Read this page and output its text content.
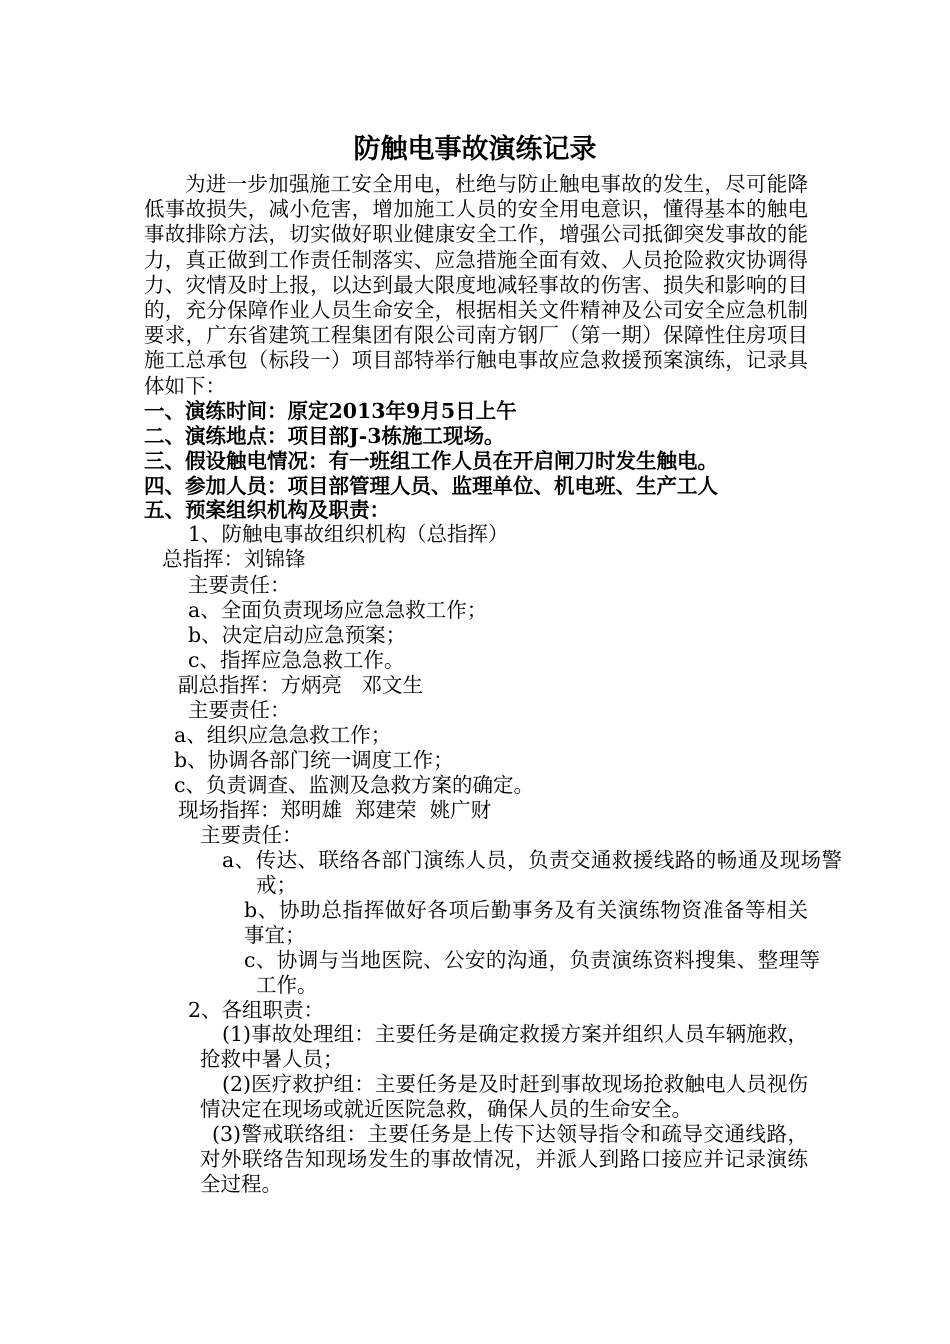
防触电事故演练记录

为进一步加强施工安全用电，杜绝与防止触电事故的发生，尽可能降低事故损失，减小危害，增加施工人员的安全用电意识，懂得基本的触电事故排除方法，切实做好职业健康安全工作，增强公司抵御突发事故的能力，真正做到工作责任制落实、应急措施全面有效、人员抢险救灾协调得力、灾情及时上报，以达到最大限度地减轻事故的伤害、损失和影响的目的，充分保障作业人员生命安全，根据相关文件精神及公司安全应急机制要求，广东省建筑工程集团有限公司南方钢厂（第一期）保障性住房项目施工总承包（标段一）项目部特举行触电事故应急救援预案演练，记录具体如下：

一、演练时间：原定2013年9月5日上午

二、演练地点：项目部J-3栋施工现场。

三、假设触电情况：有一班组工作人员在开启闸刀时发生触电。

四、参加人员：项目部管理人员、监理单位、机电班、生产工人

五、预案组织机构及职责：

1、防触电事故组织机构（总指挥）

总指挥：刘锦锋

主要责任：

a、全面负责现场应急急救工作；

b、决定启动应急预案；

c、指挥应急急救工作。

副总指挥：方炳亮   邓文生

主要责任：

a、组织应急急救工作；

b、协调各部门统一调度工作；

c、负责调查、监测及急救方案的确定。

现场指挥：郑明雄  郑建荣  姚广财

主要责任：

a、传达、联络各部门演练人员，负责交通救援线路的畅通及现场警戒；

b、协助总指挥做好各项后勤事务及有关演练物资准备等相关事宜；

c、协调与当地医院、公安的沟通，负责演练资料搜集、整理等工作。

2、各组职责：

(1)事故处理组：主要任务是确定救援方案并组织人员车辆施救，抢救中暑人员；

(2)医疗救护组：主要任务是及时赶到事故现场抢救触电人员视伤情决定在现场或就近医院急救，确保人员的生命安全。

(3)警戒联络组：主要任务是上传下达领导指令和疏导交通线路，对外联络告知现场发生的事故情况，并派人到路口接应并记录演练全过程。
